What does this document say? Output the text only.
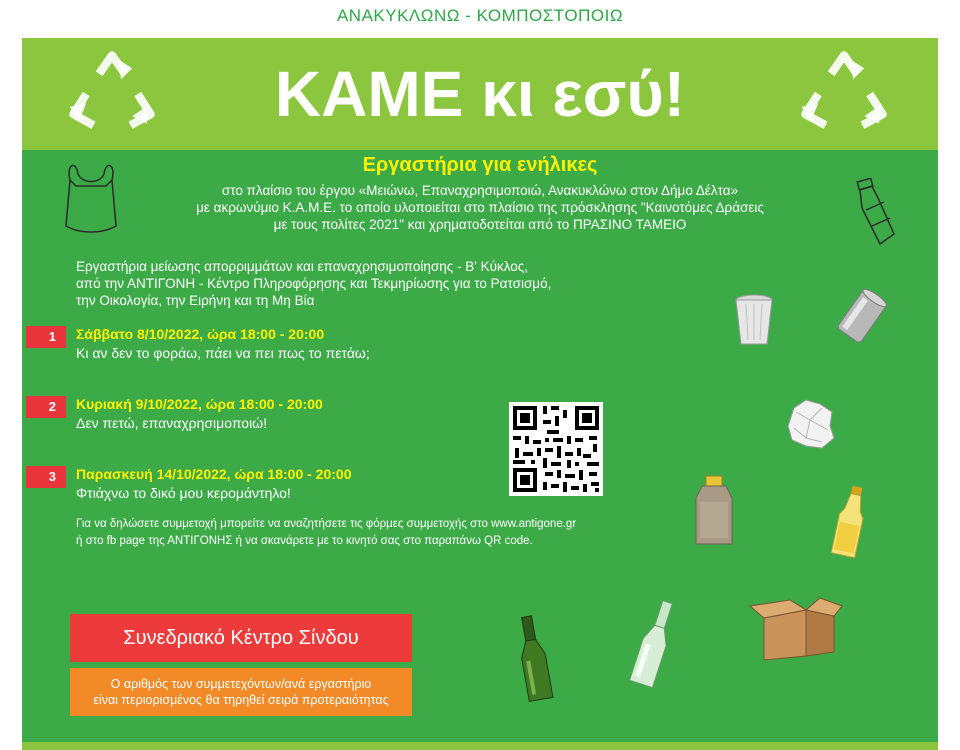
ΑΝΑΚΥΚΛΩΝΩ - ΚΟΜΠΟΣΤΟΠΟΙΩ
ΚΑΜΕ κι εσύ!
Εργαστήρια για ενήλικες
στο πλαίσιο του έργου «Μειώνω, Επαναχρησιμοποιώ, Ανακυκλώνω στον Δήμο Δέλτα»
με ακρωνύμιο Κ.Α.Μ.Ε. το οποίο υλοποιείται στο πλαίσιο της πρόσκλησης "Καινοτόμες Δράσεις
με τους πολίτες 2021" και χρηματοδοτείται από το ΠΡΑΣΙΝΟ ΤΑΜΕΙΟ
Εργαστήρια μείωσης απορριμμάτων και επαναχρησιμοποίησης - Β' Κύκλος,
από την ΑΝΤΙΓΟΝΗ - Κέντρο Πληροφόρησης και Τεκμηρίωσης για το Ρατσισμό,
την Οικολογία, την Ειρήνη και τη Μη Βία
1	Σάββατο 8/10/2022, ώρα 18:00 - 20:00
Κι αν δεν το φοράω, πάει να πει πως το πετάω;
2	Κυριακή 9/10/2022, ώρα 18:00 - 20:00
Δεν πετώ, επαναχρησιμοποιώ!
3	Παρασκευή 14/10/2022, ώρα 18:00 - 20:00
Φτιάχνω το δικό μου κερομάντηλο!
Για να δηλώσετε συμμετοχή μπορείτε να αναζητήσετε τις φόρμες συμμετοχής στο www.antigone.gr
ή στο fb page της ΑΝΤΙΓΟΝΗΣ ή να σκανάρετε με το κινητό σας στο παραπάνω QR code.
Συνεδριακό Κέντρο Σίνδου
Ο αριθμός των συμμετεχόντων/ανά εργαστήριο
είναι περιορισμένος θα τηρηθεί σειρά προτεραιότητας
